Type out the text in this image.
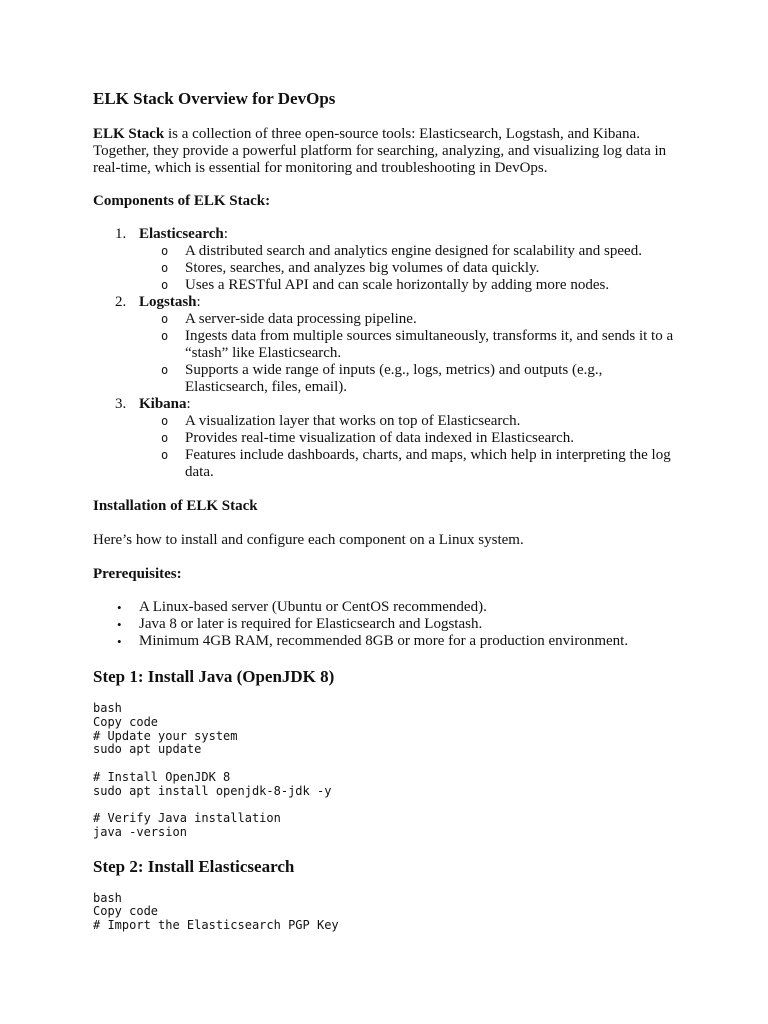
ELK Stack Overview for DevOps

ELK Stack is a collection of three open-source tools: Elasticsearch, Logstash, and Kibana. Together, they provide a powerful platform for searching, analyzing, and visualizing log data in real-time, which is essential for monitoring and troubleshooting in DevOps.

Components of ELK Stack:

1. Elasticsearch:
o A distributed search and analytics engine designed for scalability and speed.
o Stores, searches, and analyzes big volumes of data quickly.
o Uses a RESTful API and can scale horizontally by adding more nodes.
2. Logstash:
o A server-side data processing pipeline.
o Ingests data from multiple sources simultaneously, transforms it, and sends it to a “stash” like Elasticsearch.
o Supports a wide range of inputs (e.g., logs, metrics) and outputs (e.g., Elasticsearch, files, email).
3. Kibana:
o A visualization layer that works on top of Elasticsearch.
o Provides real-time visualization of data indexed in Elasticsearch.
o Features include dashboards, charts, and maps, which help in interpreting the log data.

Installation of ELK Stack

Here’s how to install and configure each component on a Linux system.

Prerequisites:

• A Linux-based server (Ubuntu or CentOS recommended).
• Java 8 or later is required for Elasticsearch and Logstash.
• Minimum 4GB RAM, recommended 8GB or more for a production environment.
Step 1: Install Java (OpenJDK 8)
bash
Copy code
# Update your system
sudo apt update
# Install OpenJDK 8
sudo apt install openjdk-8-jdk -y
# Verify Java installation
java -version
Step 2: Install Elasticsearch
bash
Copy code
# Import the Elasticsearch PGP Key
